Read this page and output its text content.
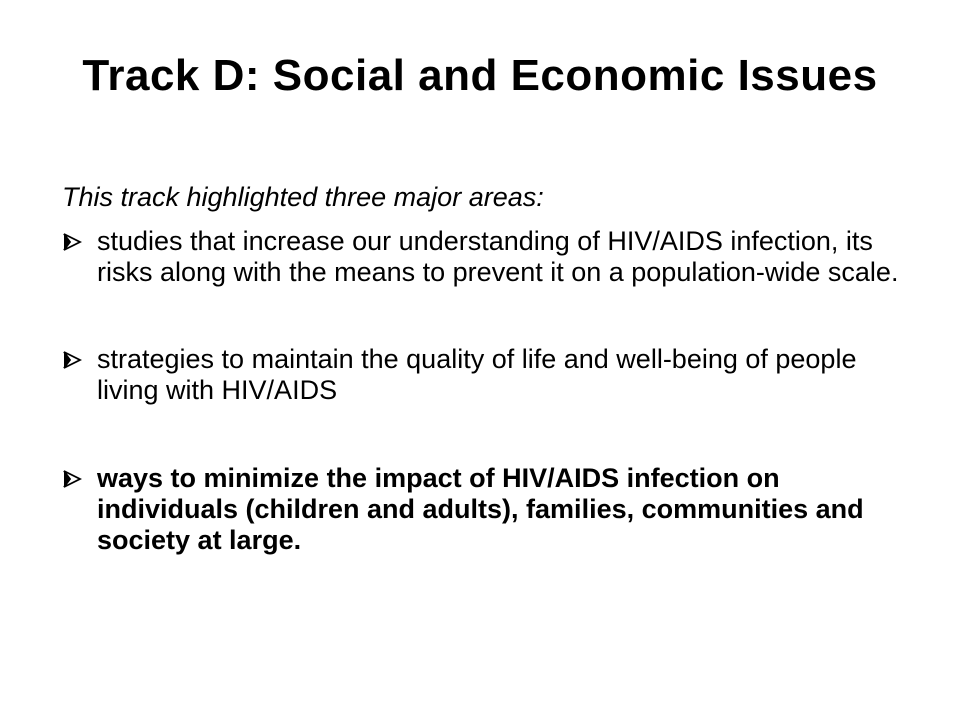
Track D: Social and Economic Issues

This track highlighted three major areas:

studies that increase our understanding of HIV/AIDS infection, its risks along with the means to prevent it on a population-wide scale.
strategies to maintain the quality of life and well-being of people living with HIV/AIDS
ways to minimize the impact of HIV/AIDS infection on individuals (children and adults), families, communities and society at large.
